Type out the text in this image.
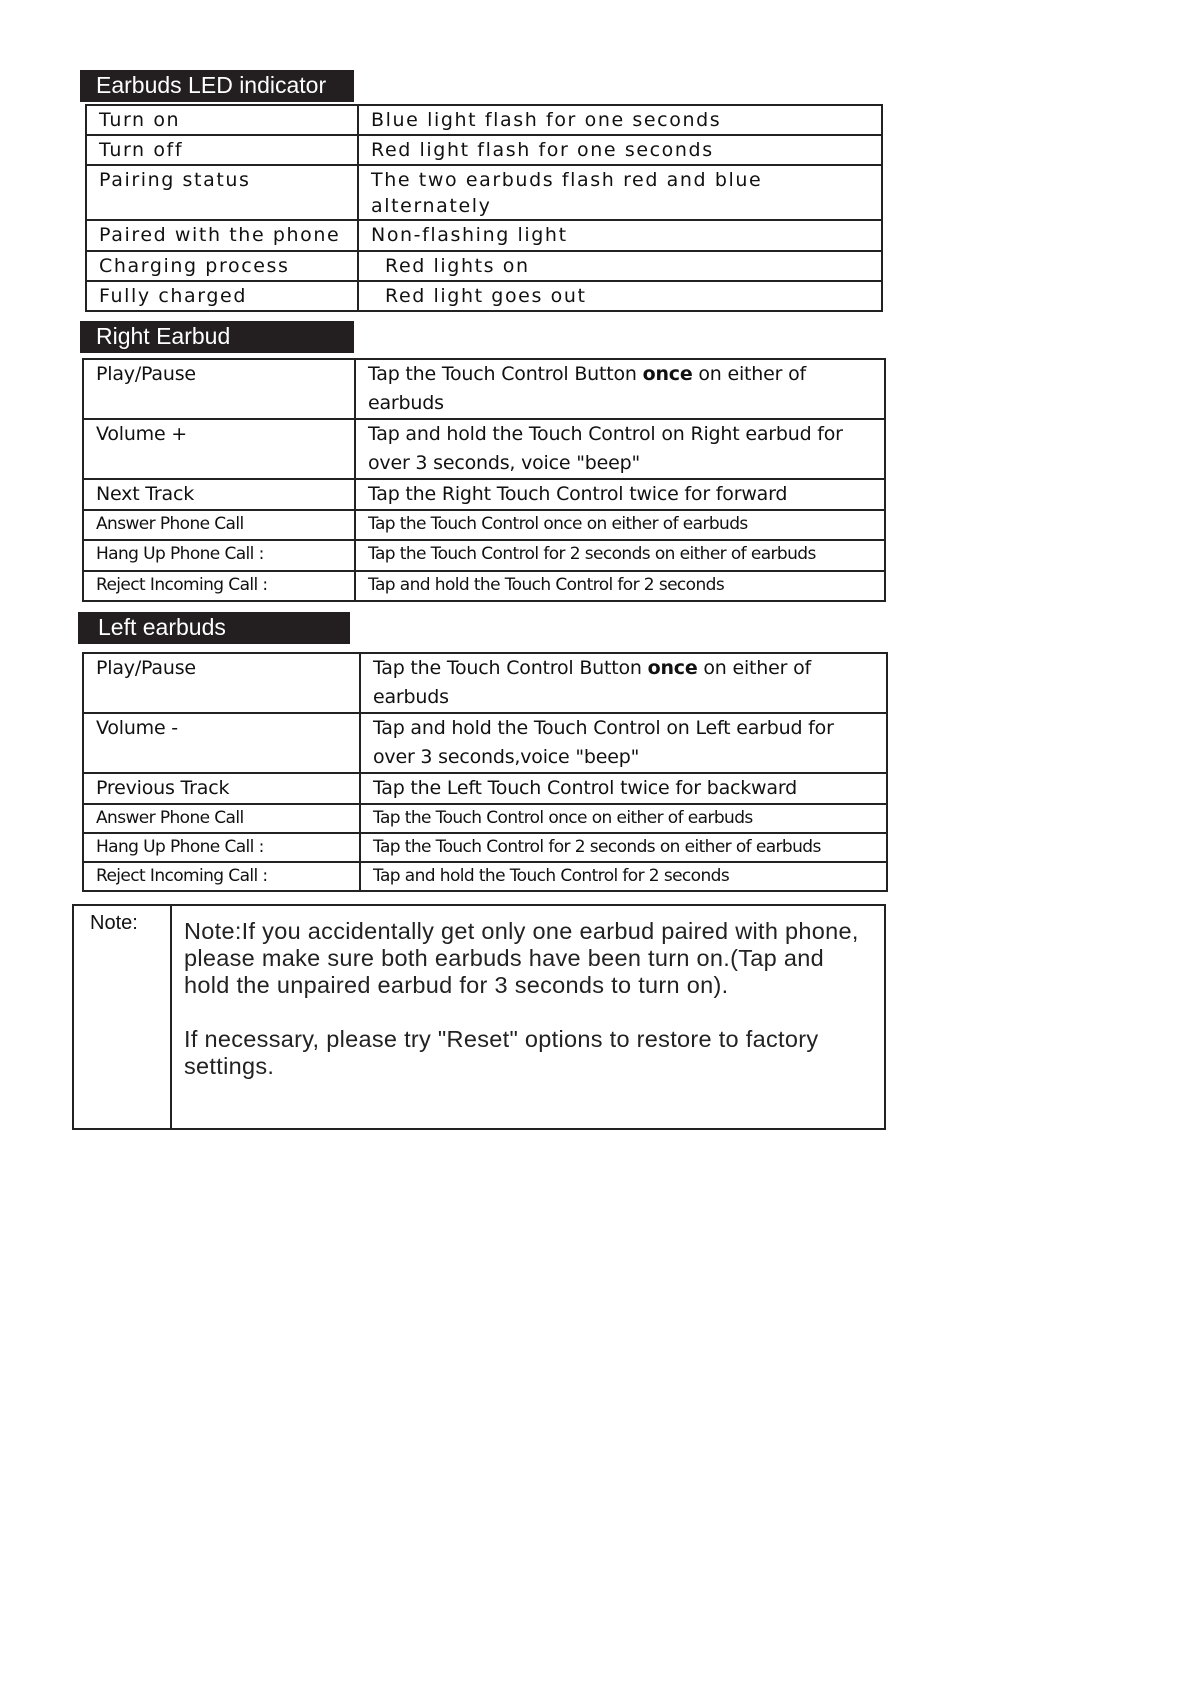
Earbuds LED indicator
Turn on	Blue light flash for one seconds
Turn off	Red light flash for one seconds
Pairing status	The two earbuds flash red and blue alternately
Paired with the phone	Non-flashing light
Charging process	Red lights on
Fully charged	Red light goes out
Right Earbud
Play/Pause	Tap the Touch Control Button once on either of earbuds
Volume +	Tap and hold the Touch Control on Right earbud for over 3 seconds, voice "beep"
Next Track	Tap the Right Touch Control twice for forward
Answer Phone Call	Tap the Touch Control once on either of earbuds
Hang Up Phone Call :	Tap the Touch Control for 2 seconds on either of earbuds
Reject Incoming Call :	Tap and hold the Touch Control for 2 seconds
Left earbuds
Play/Pause	Tap the Touch Control Button once on either of earbuds
Volume -	Tap and hold the Touch Control on Left earbud for over 3 seconds,voice "beep"
Previous Track	Tap the Left Touch Control twice for backward
Answer Phone Call	Tap the Touch Control once on either of earbuds
Hang Up Phone Call :	Tap the Touch Control for 2 seconds on either of earbuds
Reject Incoming Call :	Tap and hold the Touch Control for 2 seconds
Note:	Note:If you accidentally get only one earbud paired with phone, please make sure both earbuds have been turn on.(Tap and hold the unpaired earbud for 3 seconds to turn on).

If necessary, please try "Reset" options to restore to factory settings.
